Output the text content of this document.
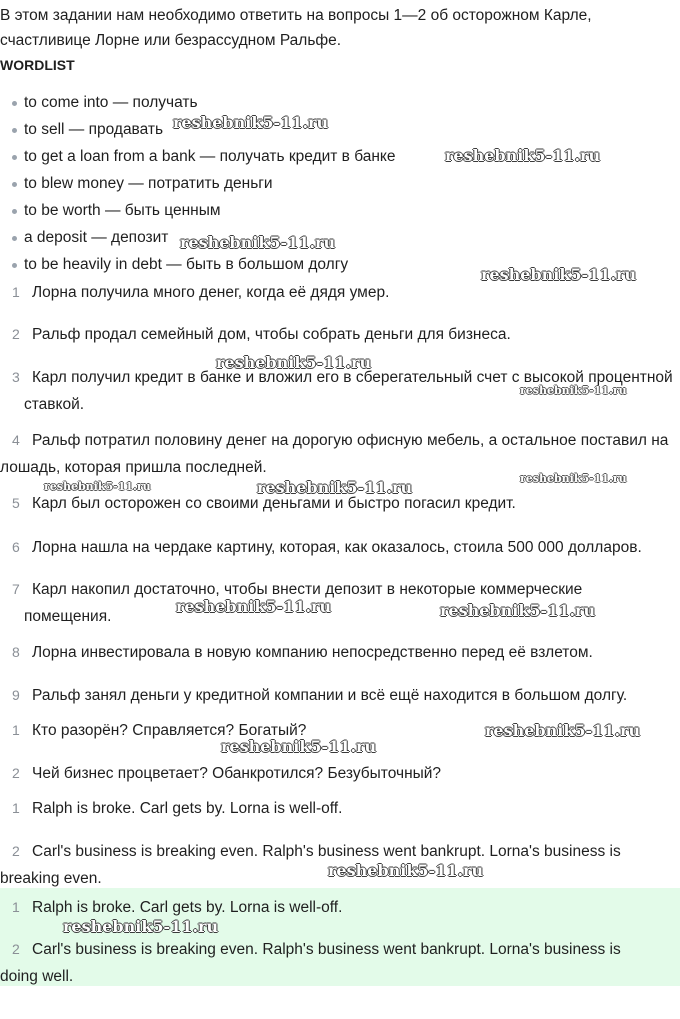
В этом задании нам необходимо ответить на вопросы 1—2 об осторожном Карле, счастливице Лорне или безрассудном Ральфе.
WORDLIST
to come into — получать
to sell — продавать
to get a loan from a bank — получать кредит в банке
to blew money — потратить деньги
to be worth — быть ценным
a deposit — депозит
to be heavily in debt — быть в большом долгу
1 Лорна получила много денег, когда её дядя умер.
2 Ральф продал семейный дом, чтобы собрать деньги для бизнеса.
3 Карл получил кредит в банке и вложил его в сберегательный счет с высокой процентной ставкой.
4 Ральф потратил половину денег на дорогую офисную мебель, а остальное поставил на лошадь, которая пришла последней.
5 Карл был осторожен со своими деньгами и быстро погасил кредит.
6 Лорна нашла на чердаке картину, которая, как оказалось, стоила 500 000 долларов.
7 Карл накопил достаточно, чтобы внести депозит в некоторые коммерческие помещения.
8 Лорна инвестировала в новую компанию непосредственно перед её взлетом.
9 Ральф занял деньги у кредитной компании и всё ещё находится в большом долгу.
1 Кто разорён? Справляется? Богатый?
2 Чей бизнес процветает? Обанкротился? Безубыточный?
1 Ralph is broke. Carl gets by. Lorna is well-off.
2 Carl's business is breaking even. Ralph's business went bankrupt. Lorna's business is breaking even.
1 Ralph is broke. Carl gets by. Lorna is well-off.
2 Carl's business is breaking even. Ralph's business went bankrupt. Lorna's business is doing well.
reshebnik5-11.ru
reshebnik5-11.ru
reshebnik5-11.ru
reshebnik5-11.ru
reshebnik5-11.ru
reshebnik5-11.ru
reshebnik5-11.ru
reshebnik5-11.ru	reshebnik5-11.ru
reshebnik5-11.ru	reshebnik5-11.ru
reshebnik5-11.ru
reshebnik5-11.ru
reshebnik5-11.ru
reshebnik5-11.ru
